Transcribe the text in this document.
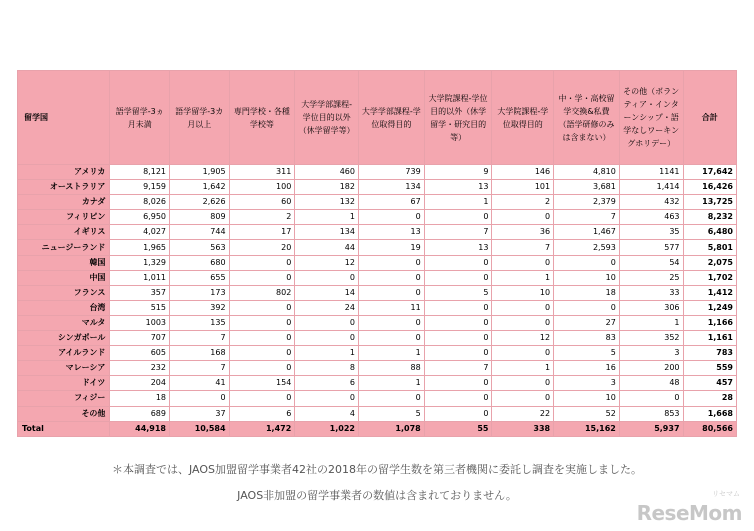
留学国	語学留学-3ヵ月未満	語学留学-3カ月以上	専門学校・各種学校等	大学学部課程-学位目的以外（休学留学等）	大学学部課程-学位取得目的	大学院課程-学位目的以外（休学留学・研究目的等）	大学院課程-学位取得目的	中・学・高校留学交換&私費（語学研修のみは含まない）	その他（ボランティア・インターンシップ・語学なしワーキングホリデー）	合計
アメリカ	8,121	1,905	311	460	739	9	146	4,810	1141	17,642
オーストラリア	9,159	1,642	100	182	134	13	101	3,681	1,414	16,426
カナダ	8,026	2,626	60	132	67	1	2	2,379	432	13,725
フィリピン	6,950	809	2	1	0	0	0	7	463	8,232
イギリス	4,027	744	17	134	13	7	36	1,467	35	6,480
ニュージーランド	1,965	563	20	44	19	13	7	2,593	577	5,801
韓国	1,329	680	0	12	0	0	0	0	54	2,075
中国	1,011	655	0	0	0	0	1	10	25	1,702
フランス	357	173	802	14	0	5	10	18	33	1,412
台湾	515	392	0	24	11	0	0	0	306	1,249
マルタ	1003	135	0	0	0	0	0	27	1	1,166
シンガポール	707	7	0	0	0	0	12	83	352	1,161
アイルランド	605	168	0	1	1	0	0	5	3	783
マレーシア	232	7	0	8	88	7	1	16	200	559
ドイツ	204	41	154	6	1	0	0	3	48	457
フィジー	18	0	0	0	0	0	0	10	0	28
その他	689	37	6	4	5	0	22	52	853	1,668
Total	44,918	10,584	1,472	1,022	1,078	55	338	15,162	5,937	80,566
＊本調査では、JAOS加盟留学事業者42社の2018年の留学生数を第三者機関に委託し調査を実施しました。
JAOS非加盟の留学事業者の数値は含まれておりません。	リセマム
ReseMom
